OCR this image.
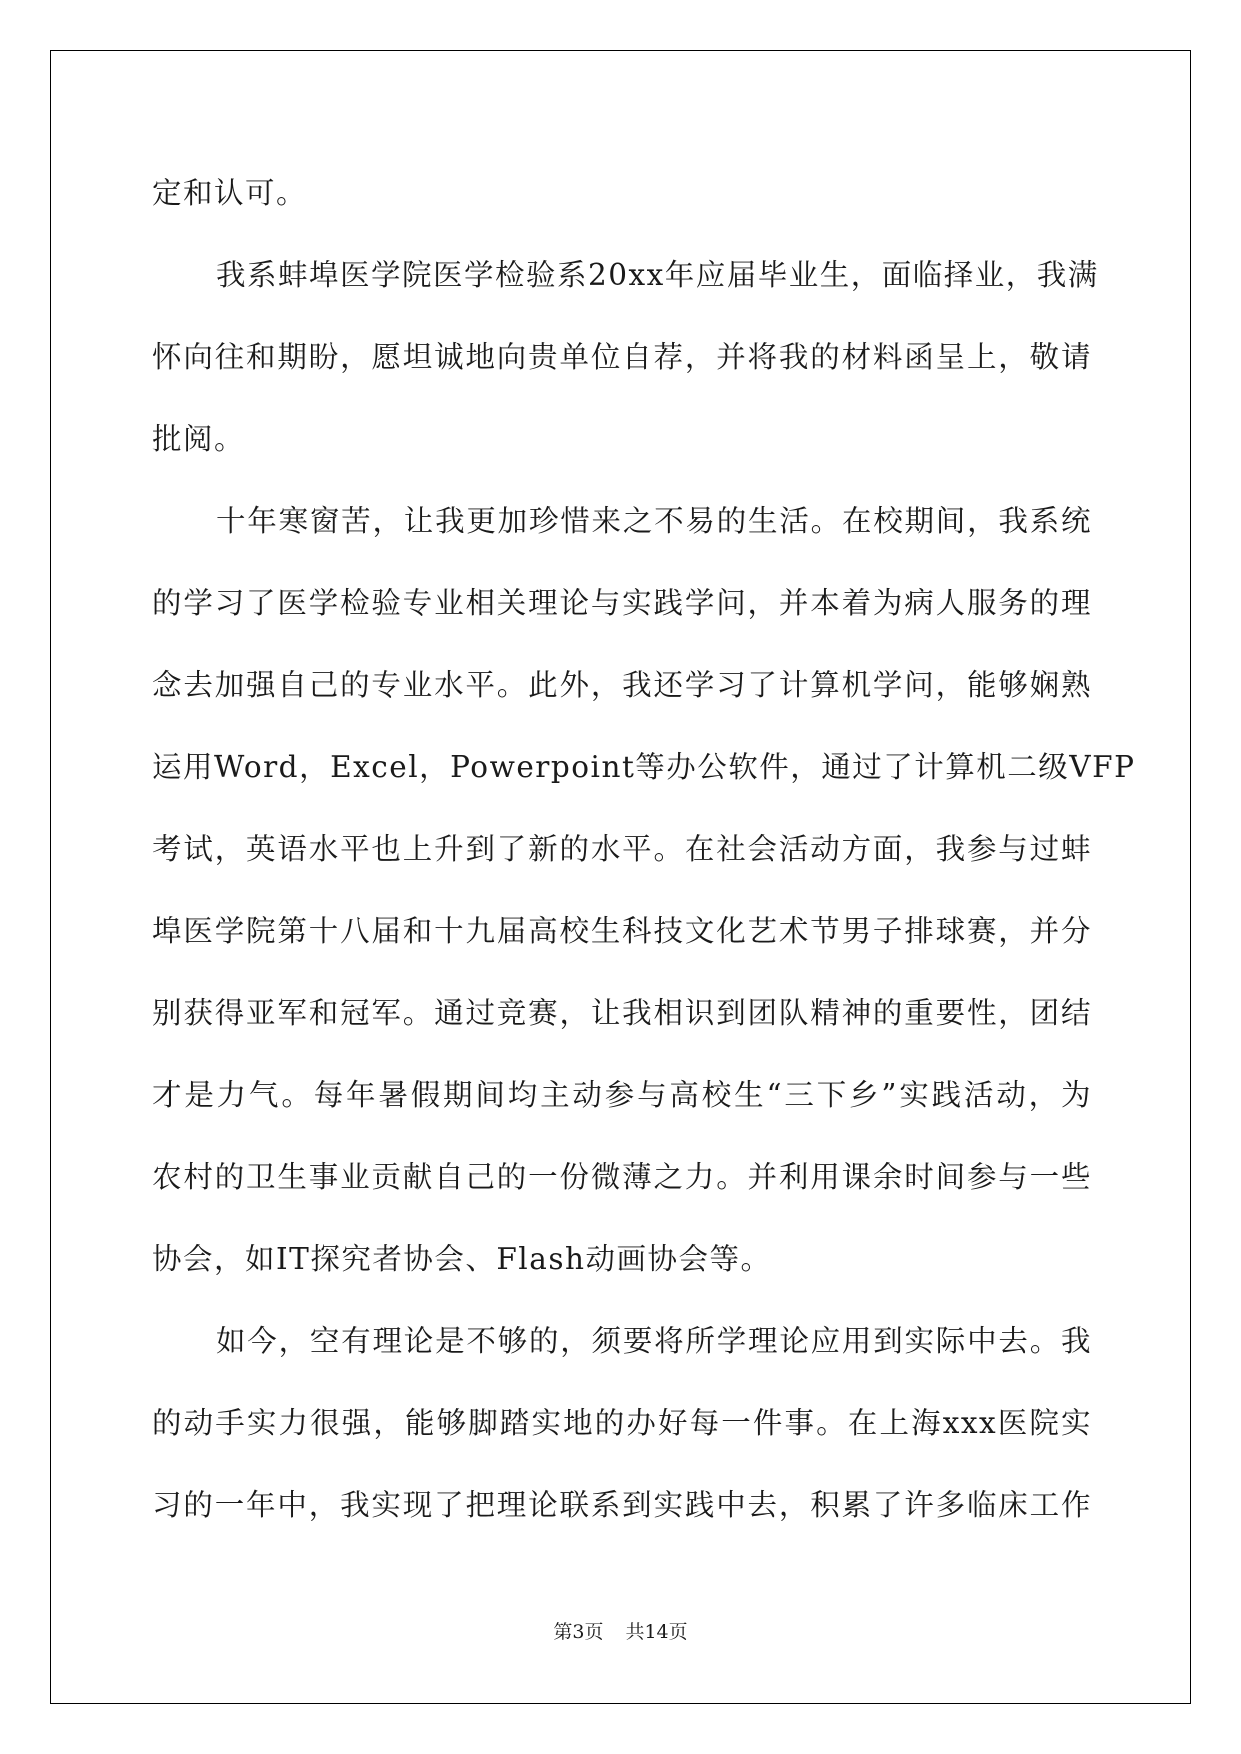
定和认可。
我系蚌埠医学院医学检验系20xx年应届毕业生，面临择业，我满
怀向往和期盼，愿坦诚地向贵单位自荐，并将我的材料函呈上，敬请
批阅。
十年寒窗苦，让我更加珍惜来之不易的生活。在校期间，我系统
的学习了医学检验专业相关理论与实践学问，并本着为病人服务的理
念去加强自己的专业水平。此外，我还学习了计算机学问，能够娴熟
运用Word，Excel，Powerpoint等办公软件，通过了计算机二级VFP
考试，英语水平也上升到了新的水平。在社会活动方面，我参与过蚌
埠医学院第十八届和十九届高校生科技文化艺术节男子排球赛，并分
别获得亚军和冠军。通过竞赛，让我相识到团队精神的重要性，团结
才是力气。每年暑假期间均主动参与高校生“三下乡”实践活动，为
农村的卫生事业贡献自己的一份微薄之力。并利用课余时间参与一些
协会，如IT探究者协会、Flash动画协会等。
如今，空有理论是不够的，须要将所学理论应用到实际中去。我
的动手实力很强，能够脚踏实地的办好每一件事。在上海xxx医院实
习的一年中，我实现了把理论联系到实践中去，积累了许多临床工作
第3页 共14页
